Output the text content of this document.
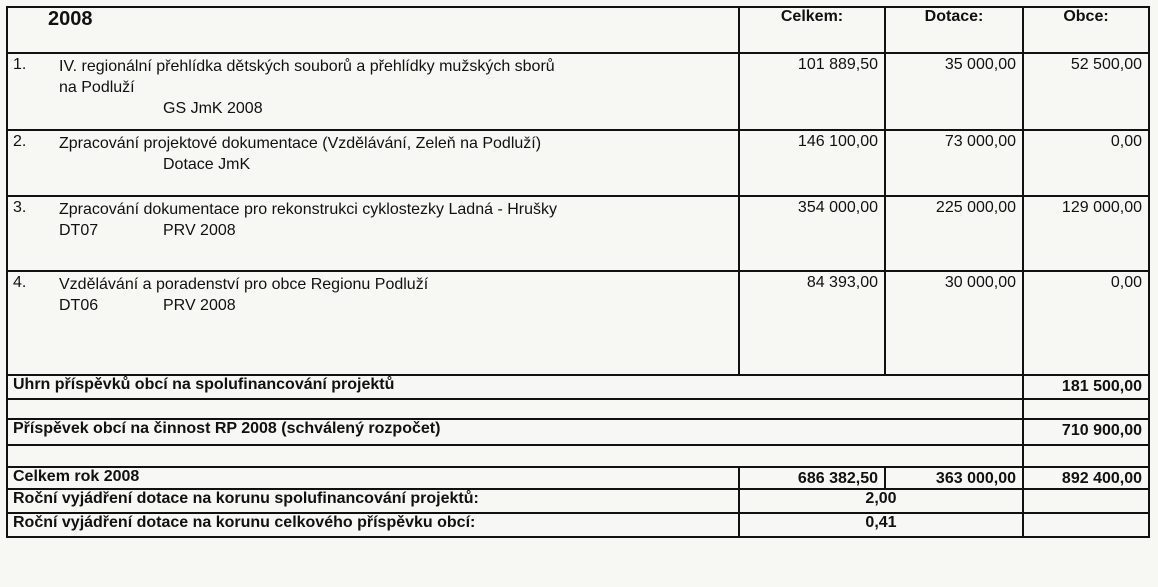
2008	Celkem:	Dotace:	Obce:

1. IV. regionální přehlídka dětských souborů a přehlídky mužských sborů
na Podluží
GS JmK 2008	101 889,50	35 000,00	52 500,00

2. Zpracování projektové dokumentace (Vzdělávání, Zeleň na Podluží)
Dotace JmK	146 100,00	73 000,00	0,00

3. Zpracování dokumentace pro rekonstrukci cyklostezky Ladná - Hrušky
DT07 PRV 2008	354 000,00	225 000,00	129 000,00

4. Vzdělávání a poradenství pro obce Regionu Podluží
DT06 PRV 2008	84 393,00	30 000,00	0,00
Uhrn příspěvků obcí na spolufinancování projektů			181 500,00

Příspěvek obcí na činnost RP 2008 (schválený rozpočet)			710 900,00

Celkem rok 2008	686 382,50	363 000,00	892 400,00
Roční vyjádření dotace na korunu spolufinancování projektů:	2,00		
Roční vyjádření dotace na korunu celkového příspěvku obcí:	0,41		
